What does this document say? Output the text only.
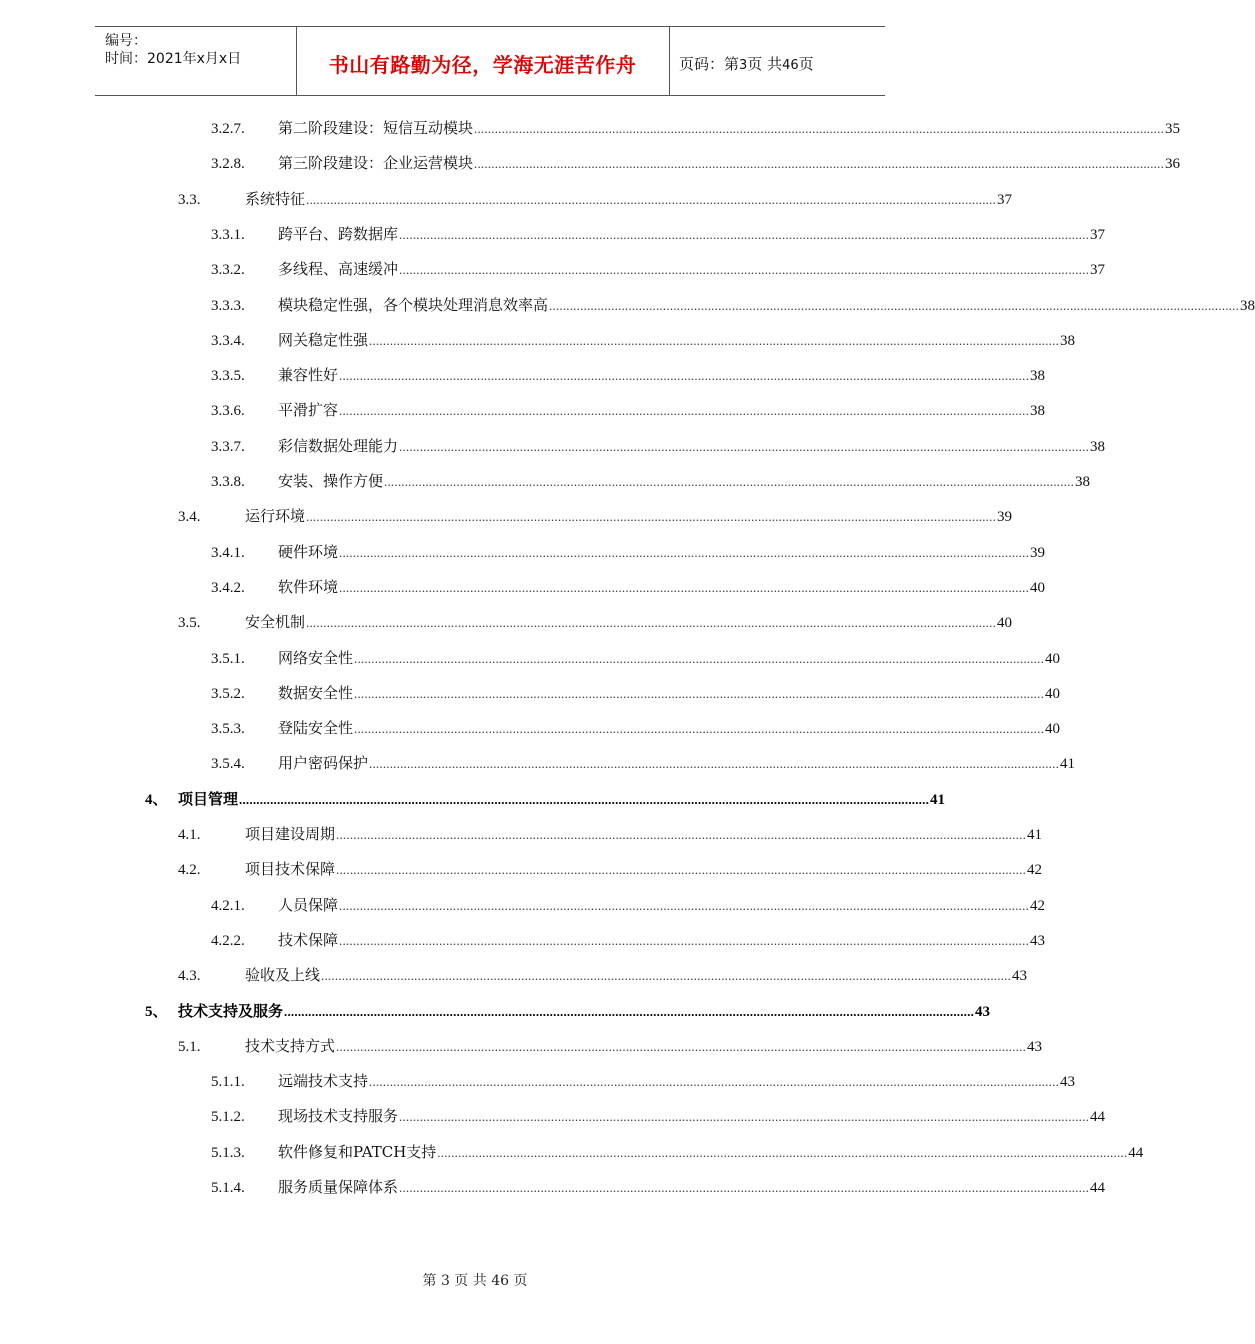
编号：
时间：2021年x月x日	书山有路勤为径，学海无涯苦作舟	页码：第3页 共46页
3.2.7.	第二阶段建设：短信互动模块 ........................................................................................................................................................................................................ 35
3.2.8.	第三阶段建设：企业运营模块 ........................................................................................................................................................................................................ 36
3.3.	系统特征 ........................................................................................................................................................................................................ 37
3.3.1.	跨平台、跨数据库 ........................................................................................................................................................................................................ 37
3.3.2.	多线程、高速缓冲 ........................................................................................................................................................................................................ 37
3.3.3.	模块稳定性强，各个模块处理消息效率高 ........................................................................................................................................................................................................ 38
3.3.4.	网关稳定性强 ........................................................................................................................................................................................................ 38
3.3.5.	兼容性好 ........................................................................................................................................................................................................ 38
3.3.6.	平滑扩容 ........................................................................................................................................................................................................ 38
3.3.7.	彩信数据处理能力 ........................................................................................................................................................................................................ 38
3.3.8.	安装、操作方便 ........................................................................................................................................................................................................ 38
3.4.	运行环境 ........................................................................................................................................................................................................ 39
3.4.1.	硬件环境 ........................................................................................................................................................................................................ 39
3.4.2.	软件环境 ........................................................................................................................................................................................................ 40
3.5.	安全机制 ........................................................................................................................................................................................................ 40
3.5.1.	网络安全性 ........................................................................................................................................................................................................ 40
3.5.2.	数据安全性 ........................................................................................................................................................................................................ 40
3.5.3.	登陆安全性 ........................................................................................................................................................................................................ 40
3.5.4.	用户密码保护 ........................................................................................................................................................................................................ 41
4、 项目管理 ........................................................................................................................................................................................................ 41
4.1.	项目建设周期 ........................................................................................................................................................................................................ 41
4.2.	项目技术保障 ........................................................................................................................................................................................................ 42
4.2.1.	人员保障 ........................................................................................................................................................................................................ 42
4.2.2.	技术保障 ........................................................................................................................................................................................................ 43
4.3.	验收及上线 ........................................................................................................................................................................................................ 43
5、 技术支持及服务 ........................................................................................................................................................................................................ 43
5.1.	技术支持方式 ........................................................................................................................................................................................................ 43
5.1.1.	远端技术支持 ........................................................................................................................................................................................................ 43
5.1.2.	现场技术支持服务 ........................................................................................................................................................................................................ 44
5.1.3.	软件修复和PATCH支持 ........................................................................................................................................................................................................ 44
5.1.4.	服务质量保障体系 ........................................................................................................................................................................................................ 44
第 3 页 共 46 页
